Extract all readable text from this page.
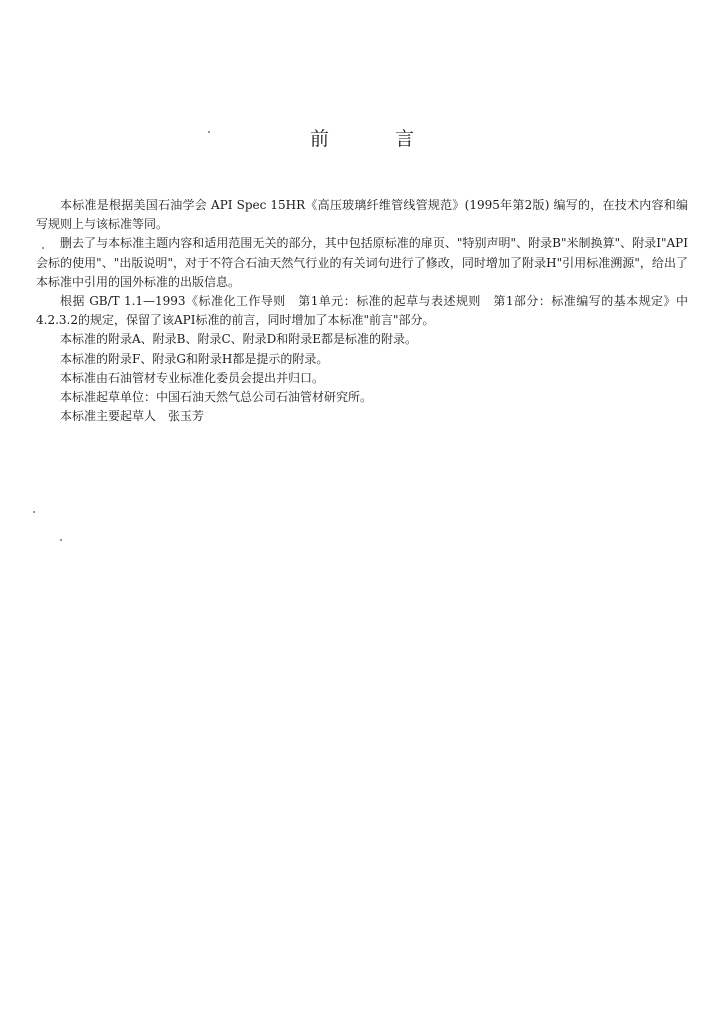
前	言

本标准是根据美国石油学会 API Spec 15HR《高压玻璃纤维管线管规范》(1995年第2版) 编写的，在技术内容和编写规则上与该标准等同。

删去了与本标准主题内容和适用范围无关的部分，其中包括原标准的扉页、"特别声明"、附录B"米制换算"、附录I"API会标的使用"、"出版说明"，对于不符合石油天然气行业的有关词句进行了修改，同时增加了附录H"引用标准溯源"，给出了本标准中引用的国外标准的出版信息。

根据 GB/T 1.1—1993《标准化工作导则　第1单元：标准的起草与表述规则　第1部分：标准编写的基本规定》中4.2.3.2的规定，保留了该API标准的前言，同时增加了本标准"前言"部分。

本标准的附录A、附录B、附录C、附录D和附录E都是标准的附录。

本标准的附录F、附录G和附录H都是提示的附录。

本标准由石油管材专业标准化委员会提出并归口。

本标准起草单位：中国石油天然气总公司石油管材研究所。

本标准主要起草人　张玉芳
